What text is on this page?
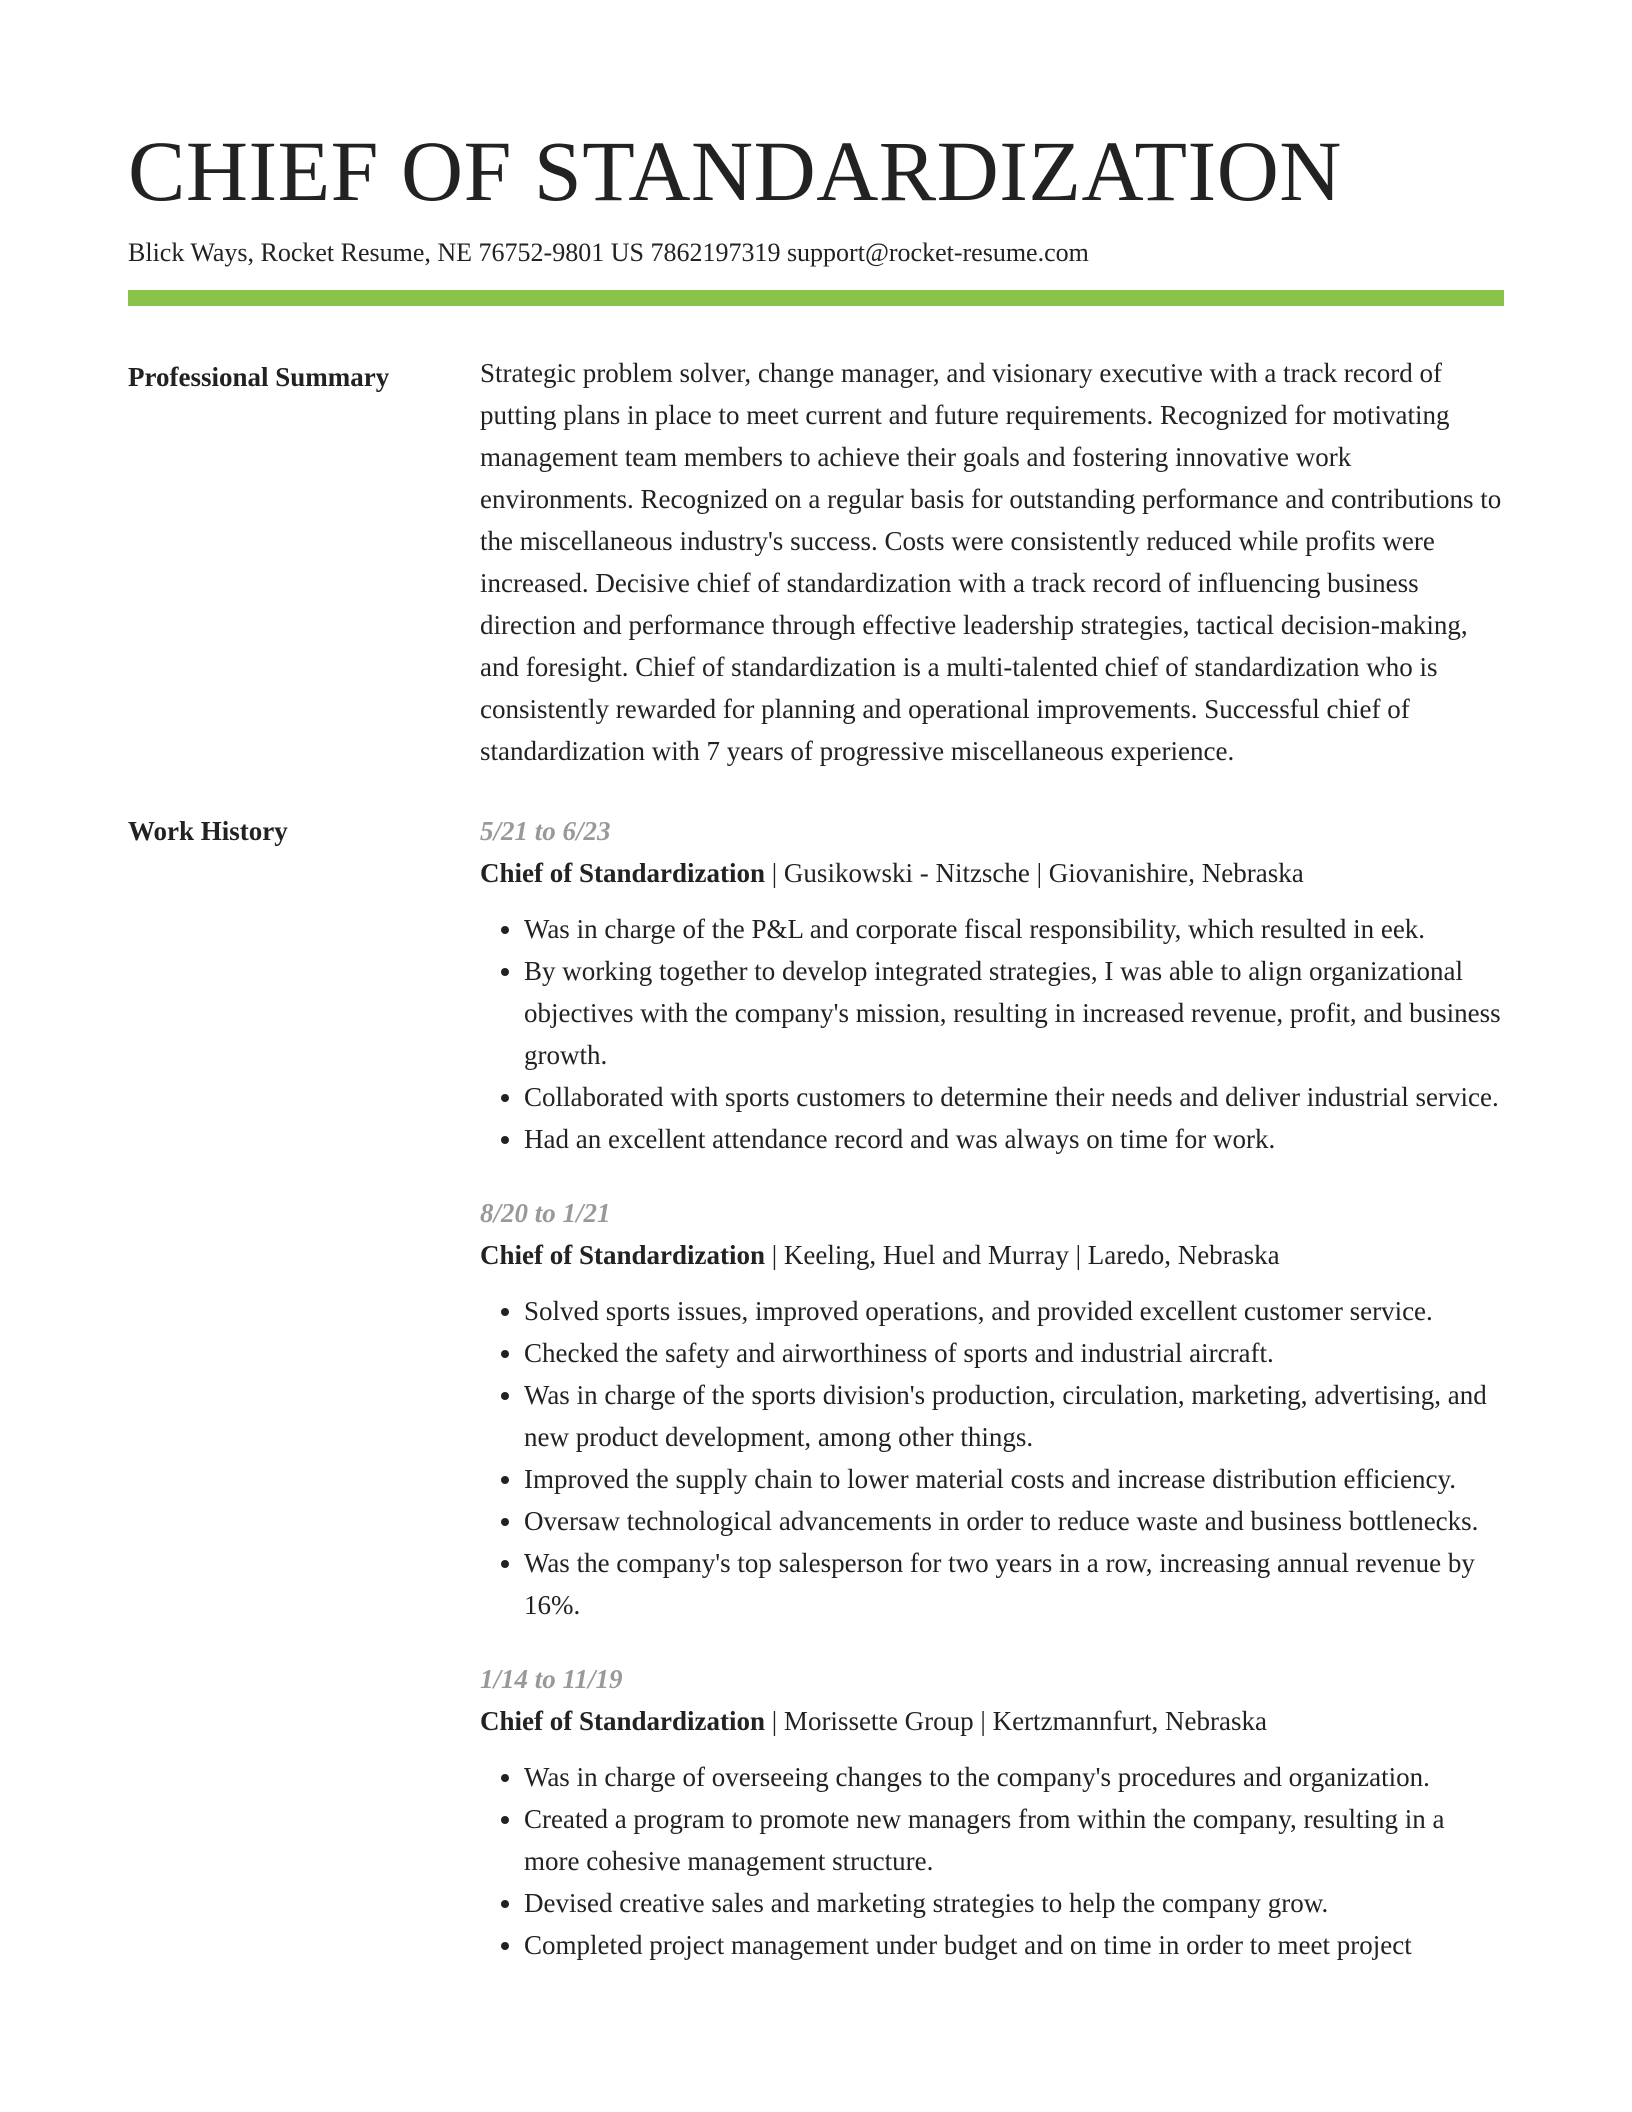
CHIEF OF STANDARDIZATION
Blick Ways, Rocket Resume, NE 76752-9801 US 7862197319 support@rocket-resume.com
Professional Summary	Strategic problem solver, change manager, and visionary executive with a track record of putting plans in place to meet current and future requirements. Recognized for motivating management team members to achieve their goals and fostering innovative work environments. Recognized on a regular basis for outstanding performance and contributions to the miscellaneous industry's success. Costs were consistently reduced while profits were increased. Decisive chief of standardization with a track record of influencing business direction and performance through effective leadership strategies, tactical decision-making, and foresight. Chief of standardization is a multi-talented chief of standardization who is consistently rewarded for planning and operational improvements. Successful chief of standardization with 7 years of progressive miscellaneous experience.

Work History	5/21 to 6/23
Chief of Standardization | Gusikowski - Nitzsche | Giovanishire, Nebraska
• Was in charge of the P&L and corporate fiscal responsibility, which resulted in eek.
• By working together to develop integrated strategies, I was able to align organizational objectives with the company's mission, resulting in increased revenue, profit, and business growth.
• Collaborated with sports customers to determine their needs and deliver industrial service.
• Had an excellent attendance record and was always on time for work.
8/20 to 1/21
Chief of Standardization | Keeling, Huel and Murray | Laredo, Nebraska
• Solved sports issues, improved operations, and provided excellent customer service.
• Checked the safety and airworthiness of sports and industrial aircraft.
• Was in charge of the sports division's production, circulation, marketing, advertising, and new product development, among other things.
• Improved the supply chain to lower material costs and increase distribution efficiency.
• Oversaw technological advancements in order to reduce waste and business bottlenecks.
• Was the company's top salesperson for two years in a row, increasing annual revenue by 16%.
1/14 to 11/19
Chief of Standardization | Morissette Group | Kertzmannfurt, Nebraska
• Was in charge of overseeing changes to the company's procedures and organization.
• Created a program to promote new managers from within the company, resulting in a more cohesive management structure.
• Devised creative sales and marketing strategies to help the company grow.
• Completed project management under budget and on time in order to meet project
